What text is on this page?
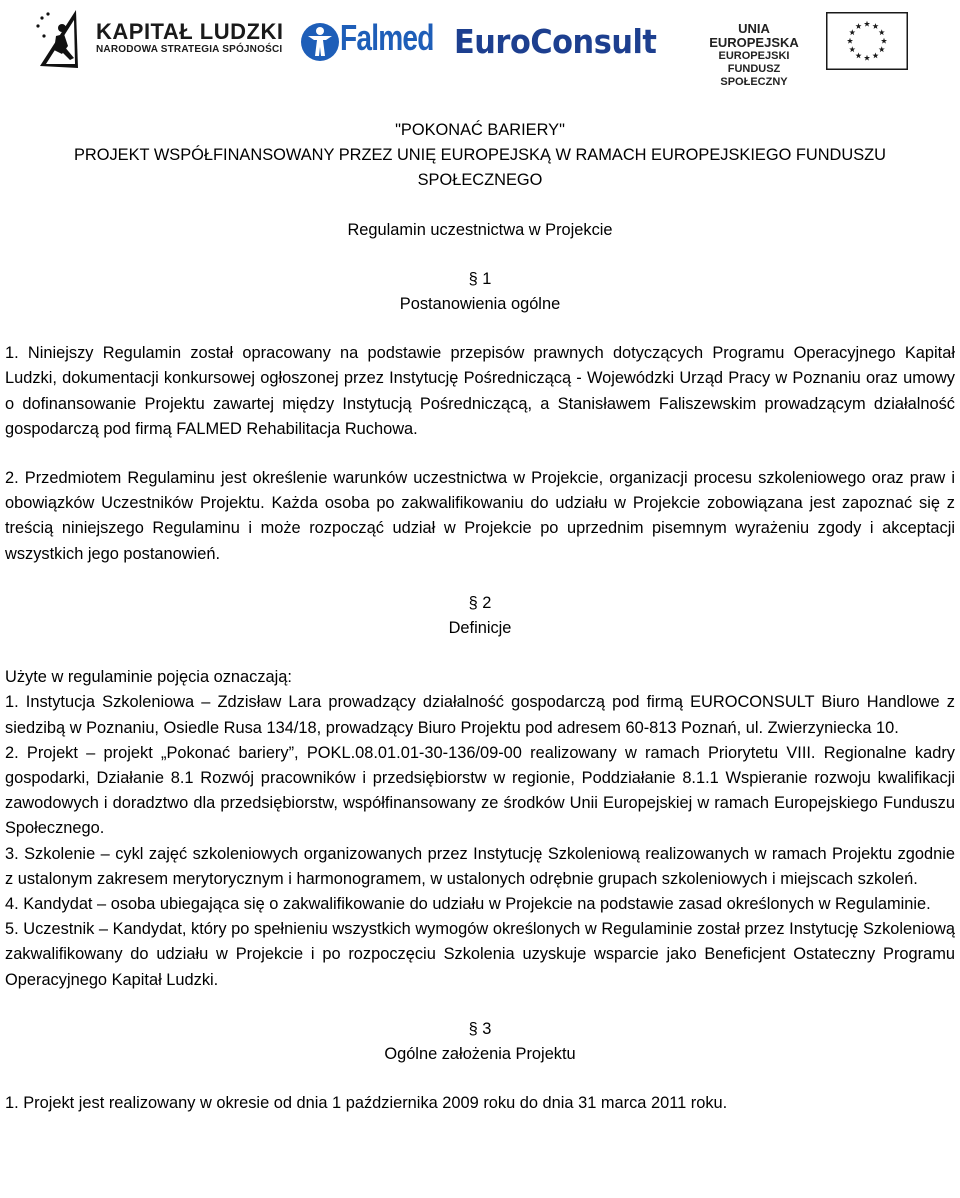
KAPITAŁ LUDZKI
NARODOWA STRATEGIA SPÓJNOŚCI Falmed EuroConsult	UNIA EUROPEJSKA
EUROPEJSKI
FUNDUSZ SPOŁECZNY

"POKONAĆ BARIERY"

PROJEKT WSPÓŁFINANSOWANY PRZEZ UNIĘ EUROPEJSKĄ W RAMACH EUROPEJSKIEGO FUNDUSZU

SPOŁECZNEGO

Regulamin uczestnictwa w Projekcie

§ 1

Postanowienia ogólne

1. Niniejszy Regulamin został opracowany na podstawie przepisów prawnych dotyczących Programu Operacyjnego Kapitał Ludzki, dokumentacji konkursowej ogłoszonej przez Instytucję Pośredniczącą - Wojewódzki Urząd Pracy w Poznaniu oraz umowy o dofinansowanie Projektu zawartej między Instytucją Pośredniczącą, a Stanisławem Faliszewskim prowadzącym działalność gospodarczą pod firmą FALMED Rehabilitacja Ruchowa.

2. Przedmiotem Regulaminu jest określenie warunków uczestnictwa w Projekcie, organizacji procesu szkoleniowego oraz praw i obowiązków Uczestników Projektu. Każda osoba po zakwalifikowaniu do udziału w Projekcie zobowiązana jest zapoznać się z treścią niniejszego Regulaminu i może rozpocząć udział w Projekcie po uprzednim pisemnym wyrażeniu zgody i akceptacji wszystkich jego postanowień.

§ 2

Definicje

Użyte w regulaminie pojęcia oznaczają:

1. Instytucja Szkoleniowa – Zdzisław Lara prowadzący działalność gospodarczą pod firmą EUROCONSULT Biuro Handlowe z siedzibą w Poznaniu, Osiedle Rusa 134/18, prowadzący Biuro Projektu pod adresem 60-813 Poznań, ul. Zwierzyniecka 10.

2. Projekt – projekt „Pokonać bariery”, POKL.08.01.01-30-136/09-00 realizowany w ramach Priorytetu VIII. Regionalne kadry gospodarki, Działanie 8.1 Rozwój pracowników i przedsiębiorstw w regionie, Poddziałanie 8.1.1 Wspieranie rozwoju kwalifikacji zawodowych i doradztwo dla przedsiębiorstw, współfinansowany ze środków Unii Europejskiej w ramach Europejskiego Funduszu Społecznego.

3. Szkolenie – cykl zajęć szkoleniowych organizowanych przez Instytucję Szkoleniową realizowanych w ramach Projektu zgodnie z ustalonym zakresem merytorycznym i harmonogramem, w ustalonych odrębnie grupach szkoleniowych i miejscach szkoleń.

4. Kandydat – osoba ubiegająca się o zakwalifikowanie do udziału w Projekcie na podstawie zasad określonych w Regulaminie.

5. Uczestnik – Kandydat, który po spełnieniu wszystkich wymogów określonych w Regulaminie został przez Instytucję Szkoleniową zakwalifikowany do udziału w Projekcie i po rozpoczęciu Szkolenia uzyskuje wsparcie jako Beneficjent Ostateczny Programu Operacyjnego Kapitał Ludzki.

§ 3

Ogólne założenia Projektu

1. Projekt jest realizowany w okresie od dnia 1 października 2009 roku do dnia 31 marca 2011 roku.
